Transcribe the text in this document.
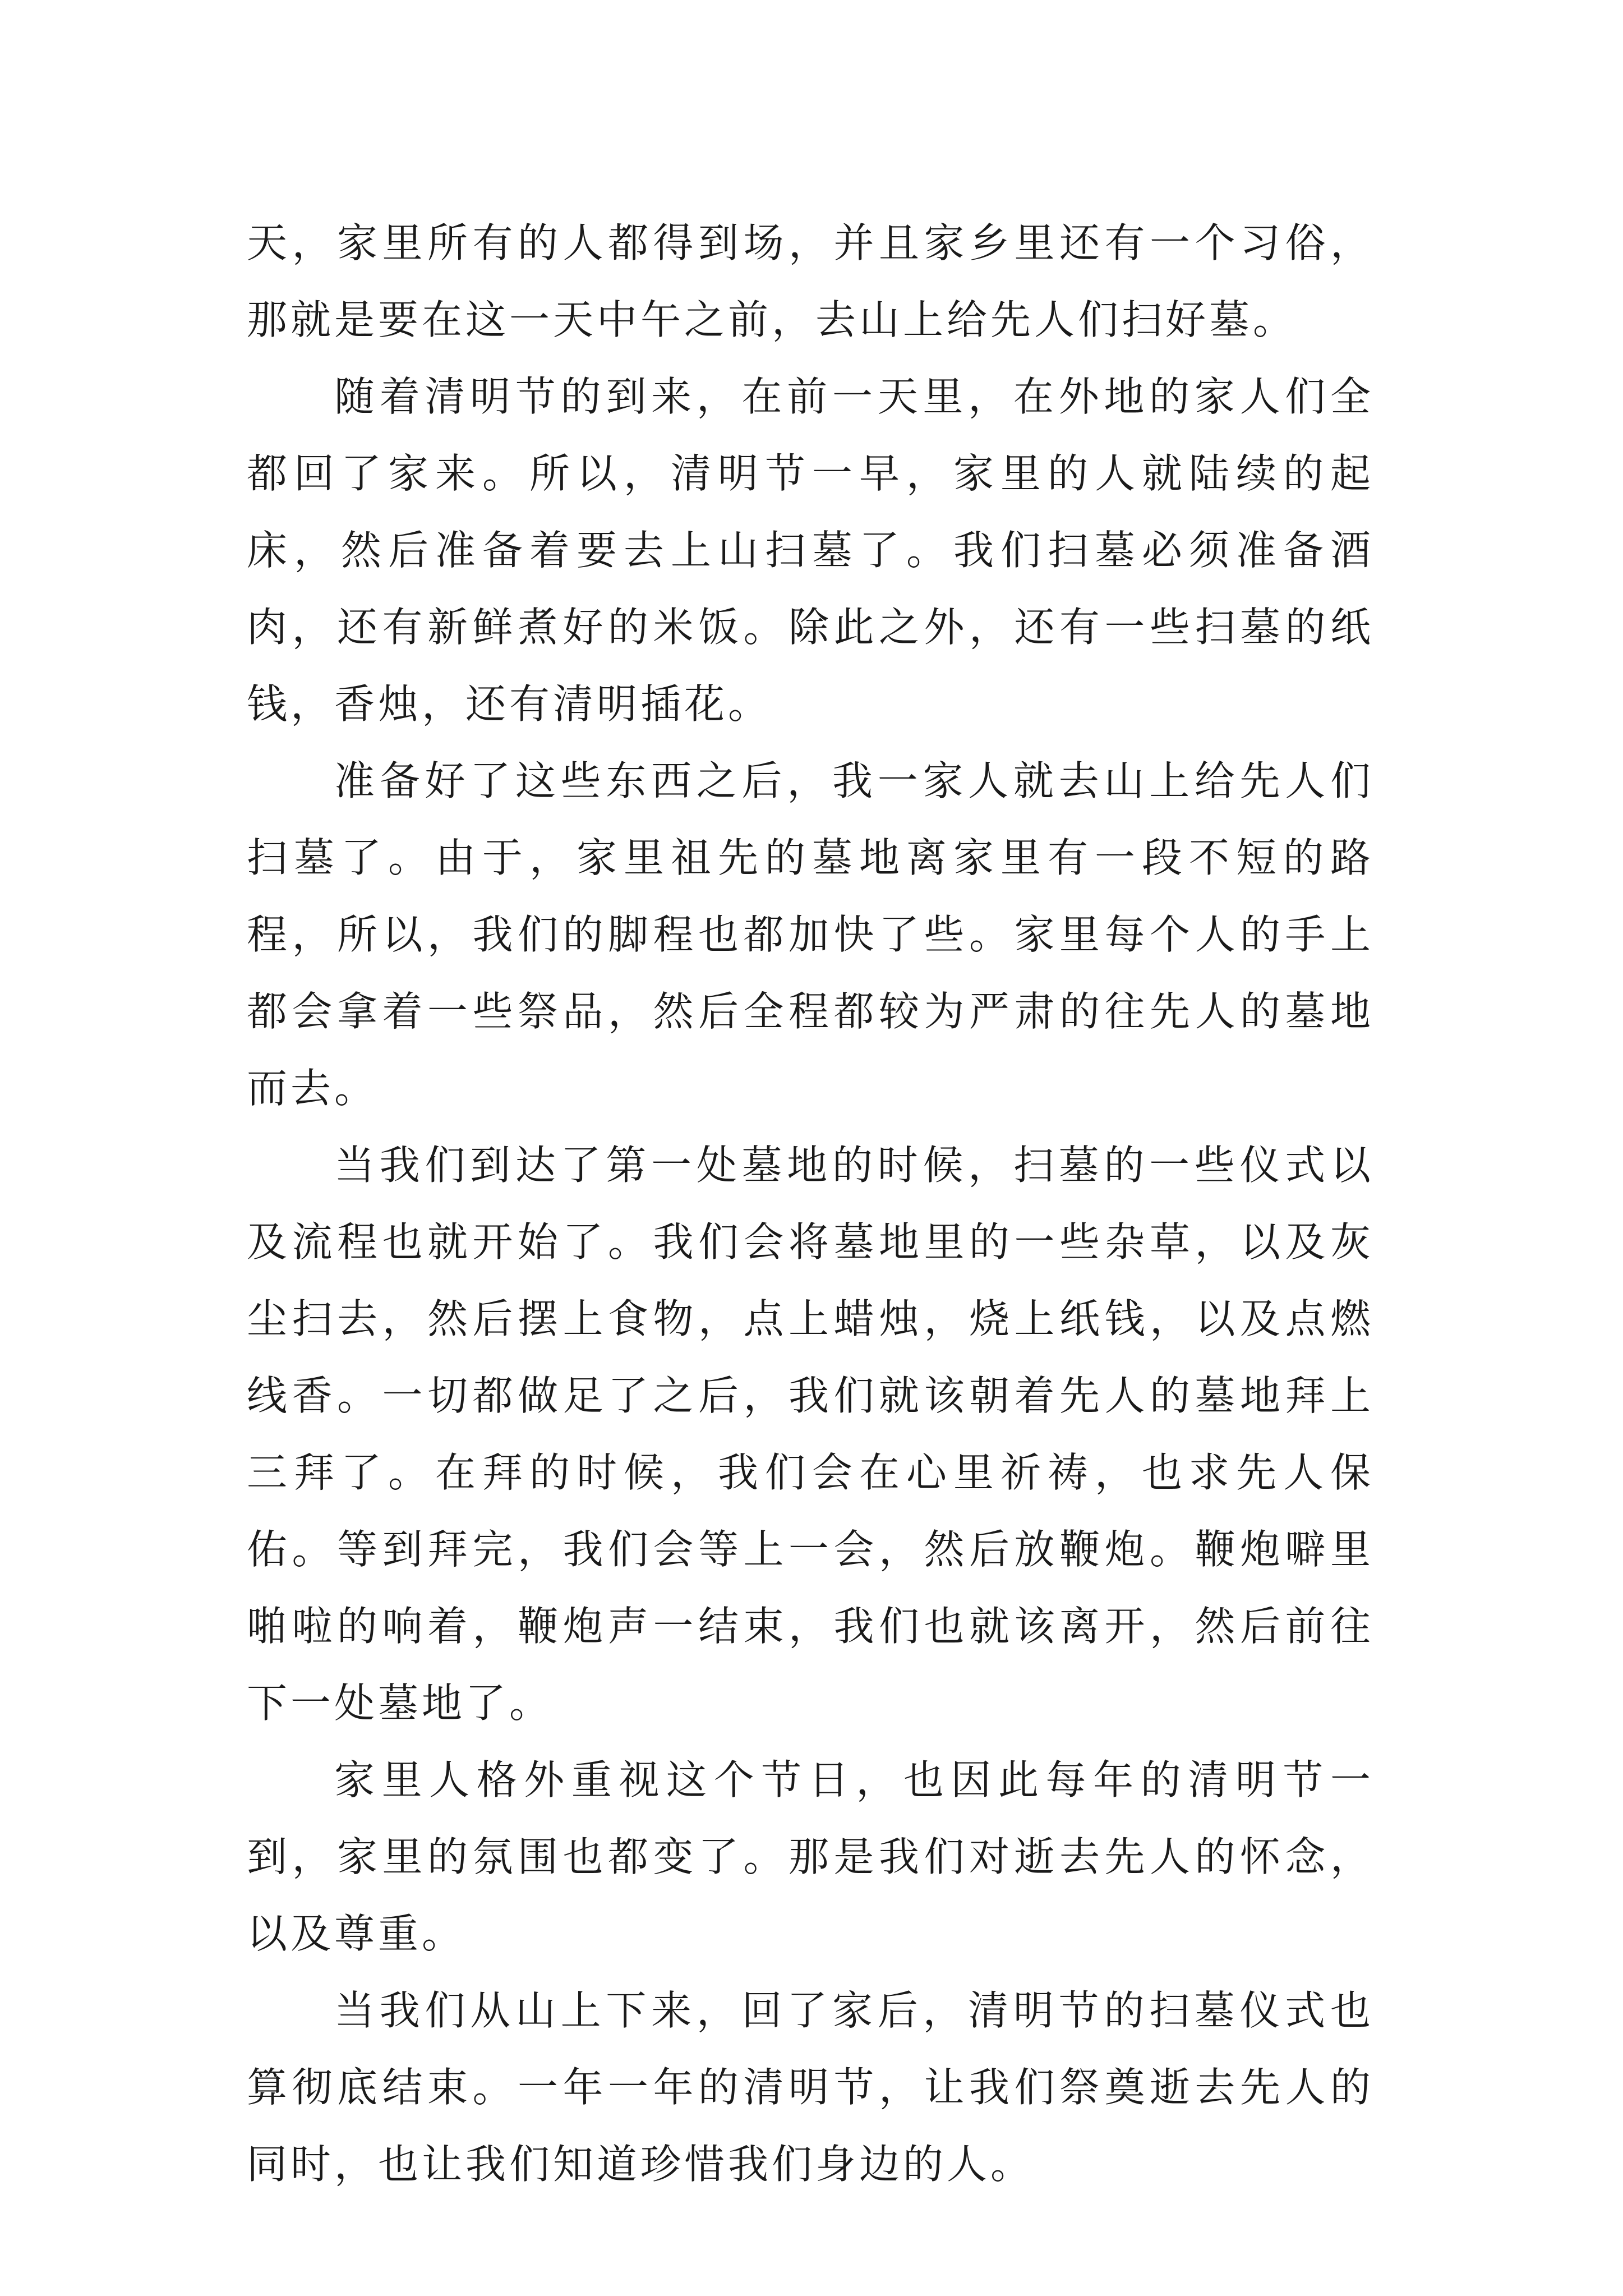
天，家里所有的人都得到场，并且家乡里还有一个习俗，那就是要在这一天中午之前，去山上给先人们扫好墓。

随着清明节的到来，在前一天里，在外地的家人们全都回了家来。所以，清明节一早，家里的人就陆续的起床，然后准备着要去上山扫墓了。我们扫墓必须准备酒肉，还有新鲜煮好的米饭。除此之外，还有一些扫墓的纸钱，香烛，还有清明插花。

准备好了这些东西之后，我一家人就去山上给先人们扫墓了。由于，家里祖先的墓地离家里有一段不短的路程，所以，我们的脚程也都加快了些。家里每个人的手上都会拿着一些祭品，然后全程都较为严肃的往先人的墓地而去。

当我们到达了第一处墓地的时候，扫墓的一些仪式以及流程也就开始了。我们会将墓地里的一些杂草，以及灰尘扫去，然后摆上食物，点上蜡烛，烧上纸钱，以及点燃线香。一切都做足了之后，我们就该朝着先人的墓地拜上三拜了。在拜的时候，我们会在心里祈祷，也求先人保佑。等到拜完，我们会等上一会，然后放鞭炮。鞭炮噼里啪啦的响着，鞭炮声一结束，我们也就该离开，然后前往下一处墓地了。

家里人格外重视这个节日，也因此每年的清明节一到，家里的氛围也都变了。那是我们对逝去先人的怀念，以及尊重。

当我们从山上下来，回了家后，清明节的扫墓仪式也算彻底结束。一年一年的清明节，让我们祭奠逝去先人的同时，也让我们知道珍惜我们身边的人。
